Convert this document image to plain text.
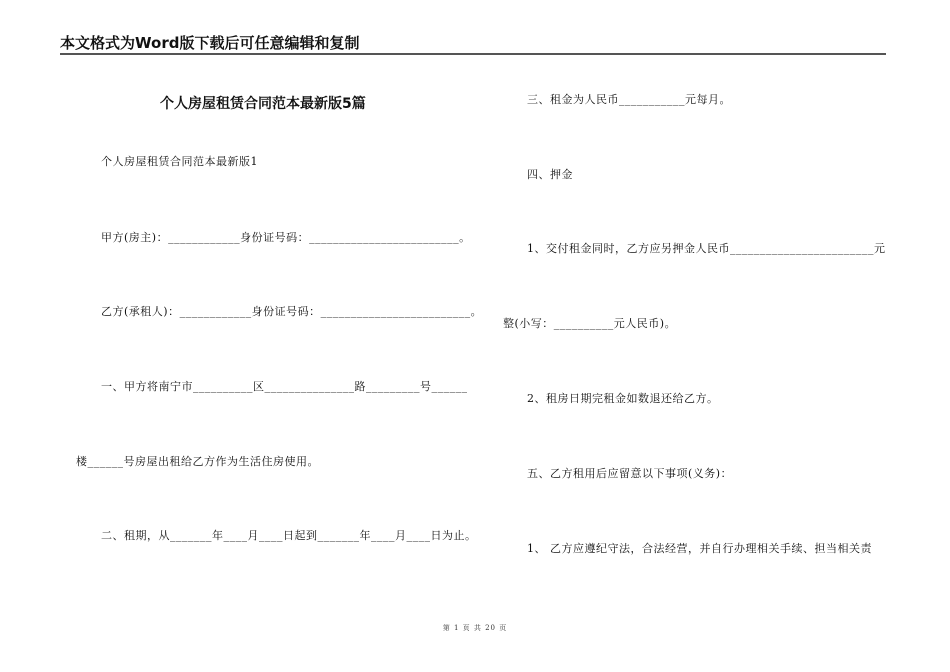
本文格式为Word版下载后可任意编辑和复制
个人房屋租赁合同范本最新版5篇
个人房屋租赁合同范本最新版1
甲方(房主)：____________身份证号码：_________________________。
乙方(承租人)：____________身份证号码：_________________________。
一、甲方将南宁市__________区_______________路_________号______
楼______号房屋出租给乙方作为生活住房使用。
二、租期，从_______年____月____日起到_______年____月____日为止。
三、租金为人民币___________元每月。
四、押金
1、交付租金同时，乙方应另押金人民币________________________元
整(小写：__________元人民币)。
2、租房日期完租金如数退还给乙方。
五、乙方租用后应留意以下事项(义务)：
1、 乙方应遵纪守法，合法经营，并自行办理相关手续、担当相关责
第 1 页 共 20 页
